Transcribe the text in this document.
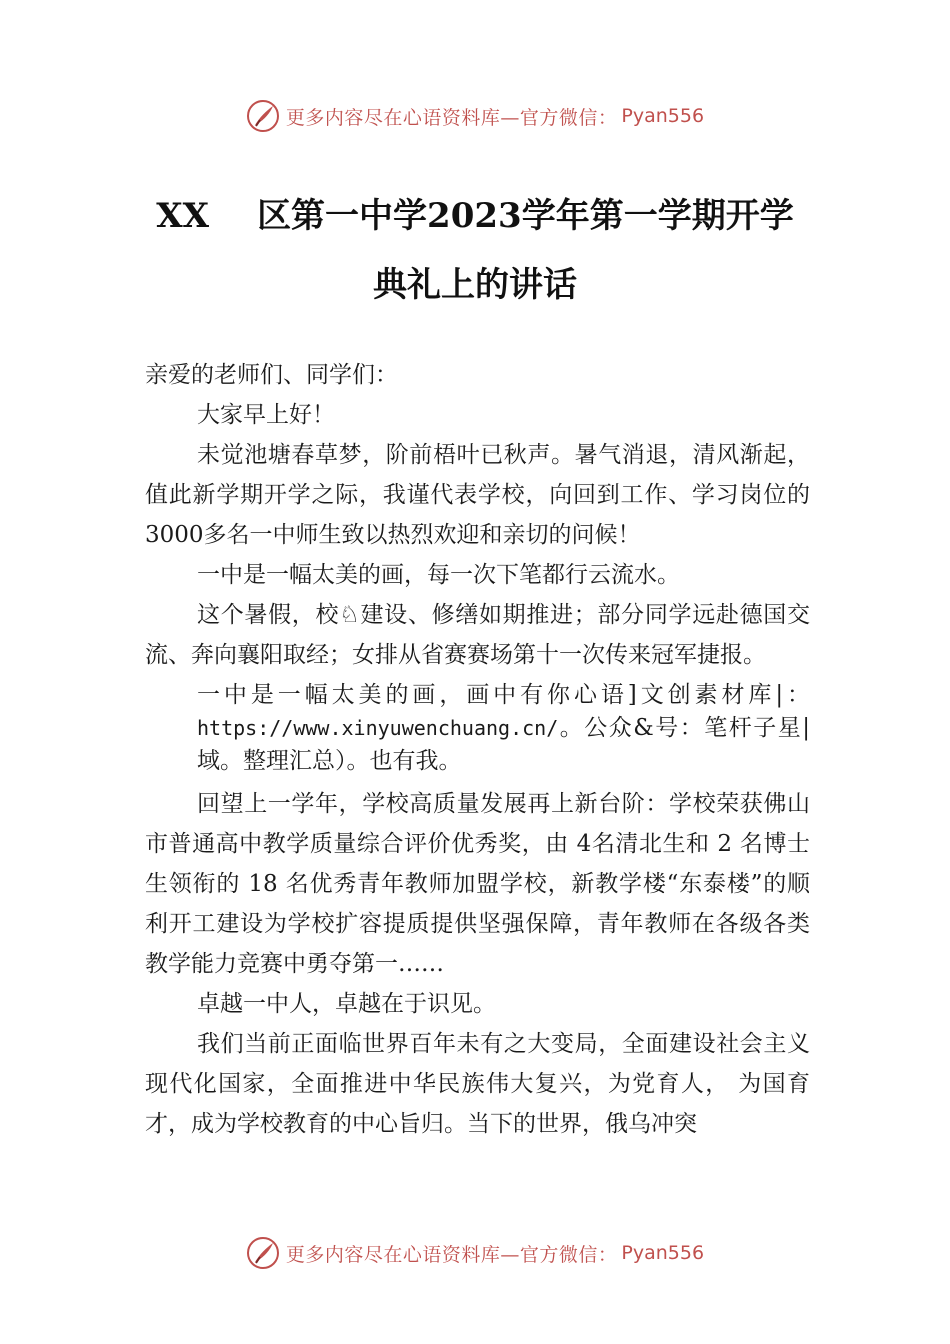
更多内容尽在心语资料库—官方微信： Pyan556
XX 区第一中学2023学年第一学期开学
典礼上的讲话

亲爱的老师们、同学们：

大家早上好！

未觉池塘春草梦，阶前梧叶已秋声。暑气消退，清风渐起，值此新学期开学之际，我谨代表学校，向回到工作、学习岗位的 3000多名一中师生致以热烈欢迎和亲切的问候！

一中是一幅太美的画，每一次下笔都行云流水。

这个暑假，校♘建设、修缮如期推进；部分同学远赴德国交流、奔向襄阳取经；女排从省赛赛场第十一次传来冠军捷报。

一中是一幅太美的画，画中有你心语]文创素材库|： https://www.xinyuwenchuang.cn/。公众&号：笔杆子星|域。整理汇总）。也有我。

回望上一学年，学校高质量发展再上新台阶：学校荣获佛山市普通高中教学质量综合评价优秀奖，由 4名清北生和 2 名博士生领衔的 18 名优秀青年教师加盟学校，新教学楼“东泰楼”的顺利开工建设为学校扩容提质提供坚强保障，青年教师在各级各类教学能力竞赛中勇夺第一……

卓越一中人，卓越在于识见。

我们当前正面临世界百年未有之大变局，全面建设社会主义现代化国家，全面推进中华民族伟大复兴，为党育人， 为国育才，成为学校教育的中心旨归。当下的世界，俄乌冲突

更多内容尽在心语资料库—官方微信： Pyan556
